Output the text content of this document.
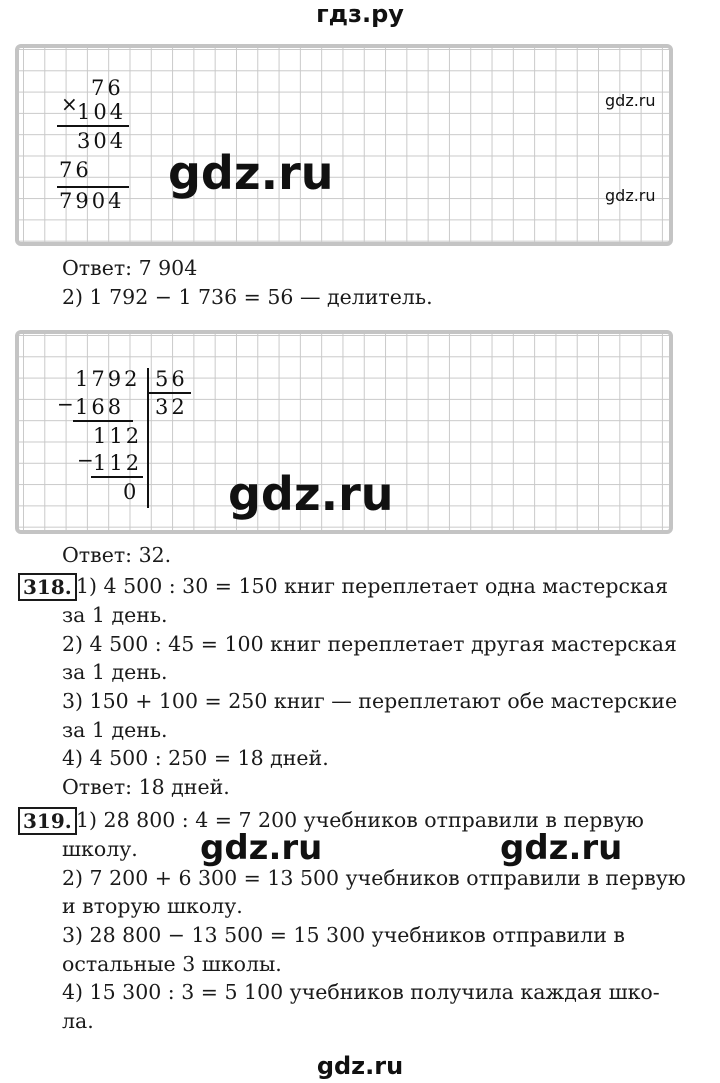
гдз.ру
×
76
104
304
76
7904
gdz.ru
gdz.ru
gdz.ru
Ответ: 7 904
2) 1 792 − 1 736 = 56 — делитель.
1792 56
32
− 168
112
− 112
0 gdz.ru
Ответ: 32.
318. 1) 4 500 : 30 = 150 книг переплетает одна мастерская
за 1 день.
2) 4 500 : 45 = 100 книг переплетает другая мастерская
за 1 день.
3) 150 + 100 = 250 книг — переплетают обе мастерские
за 1 день.
4) 4 500 : 250 = 18 дней.
Ответ: 18 дней.
319. 1) 28 800 : 4 = 7 200 учебников отправили в первую
школу. gdz.ru	gdz.ru
2) 7 200 + 6 300 = 13 500 учебников отправили в первую
и вторую школу.
3) 28 800 − 13 500 = 15 300 учебников отправили в
остальные 3 школы.
4) 15 300 : 3 = 5 100 учебников получила каждая шко-
ла.
gdz.ru
